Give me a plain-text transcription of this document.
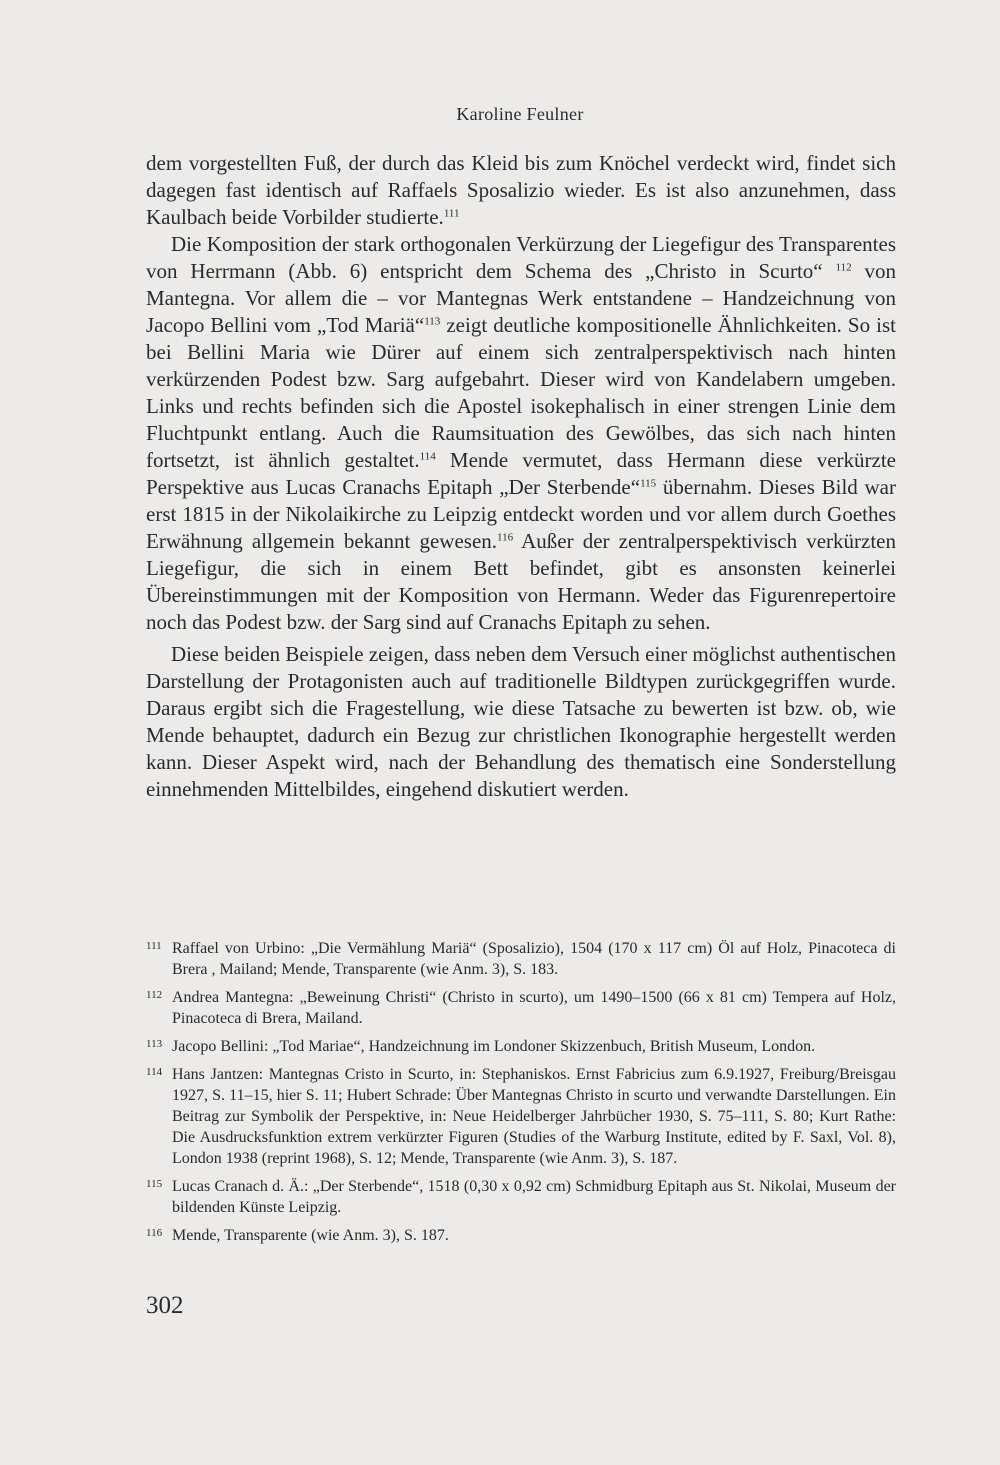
Karoline Feulner

dem vorgestellten Fuß, der durch das Kleid bis zum Knöchel verdeckt wird, findet sich dagegen fast identisch auf Raffaels Sposalizio wieder. Es ist also anzunehmen, dass Kaulbach beide Vorbilder studierte.$^{111}$

Die Komposition der stark orthogonalen Verkürzung der Liegefigur des Transparentes von Herrmann (Abb. 6) entspricht dem Schema des „Christo in Scurto“ $^{112}$ von Mantegna. Vor allem die – vor Mantegnas Werk entstandene – Handzeichnung von Jacopo Bellini vom „Tod Mariä“$^{113}$ zeigt deutliche kompositionelle Ähnlichkeiten. So ist bei Bellini Maria wie Dürer auf einem sich zentralperspektivisch nach hinten verkürzenden Podest bzw. Sarg aufgebahrt. Dieser wird von Kandelabern umgeben. Links und rechts befinden sich die Apostel isokephalisch in einer strengen Linie dem Fluchtpunkt entlang. Auch die Raumsituation des Gewölbes, das sich nach hinten fortsetzt, ist ähnlich gestaltet.$^{114}$ Mende vermutet, dass Hermann diese verkürzte Perspektive aus Lucas Cranachs Epitaph „Der Sterbende“$^{115}$ übernahm. Dieses Bild war erst 1815 in der Nikolaikirche zu Leipzig entdeckt worden und vor allem durch Goethes Erwähnung allgemein bekannt gewesen.$^{116}$ Außer der zentralperspektivisch verkürzten Liegefigur, die sich in einem Bett befindet, gibt es ansonsten keinerlei Übereinstimmungen mit der Komposition von Hermann. Weder das Figurenrepertoire noch das Podest bzw. der Sarg sind auf Cranachs Epitaph zu sehen.

Diese beiden Beispiele zeigen, dass neben dem Versuch einer möglichst authentischen Darstellung der Protagonisten auch auf traditionelle Bildtypen zurückgegriffen wurde. Daraus ergibt sich die Fragestellung, wie diese Tatsache zu bewerten ist bzw. ob, wie Mende behauptet, dadurch ein Bezug zur christlichen Ikonographie hergestellt werden kann. Dieser Aspekt wird, nach der Behandlung des thematisch eine Sonderstellung einnehmenden Mittelbildes, eingehend diskutiert werden.

111 Raffael von Urbino: „Die Vermählung Mariä“ (Sposalizio), 1504 (170 x 117 cm) Öl auf Holz, Pinacoteca di Brera , Mailand; Mende, Transparente (wie Anm. 3), S. 183.

112 Andrea Mantegna: „Beweinung Christi“ (Christo in scurto), um 1490–1500 (66 x 81 cm) Tempera auf Holz, Pinacoteca di Brera, Mailand.

113 Jacopo Bellini: „Tod Mariae“, Handzeichnung im Londoner Skizzenbuch, British Museum, London.

114 Hans Jantzen: Mantegnas Cristo in Scurto, in: Stephaniskos. Ernst Fabricius zum 6.9.1927, Freiburg/Breisgau 1927, S. 11–15, hier S. 11; Hubert Schrade: Über Mantegnas Christo in scurto und verwandte Darstellungen. Ein Beitrag zur Symbolik der Perspektive, in: Neue Heidelberger Jahrbücher 1930, S. 75–111, S. 80; Kurt Rathe: Die Ausdrucksfunktion extrem verkürzter Figuren (Studies of the Warburg Institute, edited by F. Saxl, Vol. 8), London 1938 (reprint 1968), S. 12; Mende, Transparente (wie Anm. 3), S. 187.

115 Lucas Cranach d. Ä.: „Der Sterbende“, 1518 (0,30 x 0,92 cm) Schmidburg Epitaph aus St. Nikolai, Museum der bildenden Künste Leipzig.

116 Mende, Transparente (wie Anm. 3), S. 187.

302
